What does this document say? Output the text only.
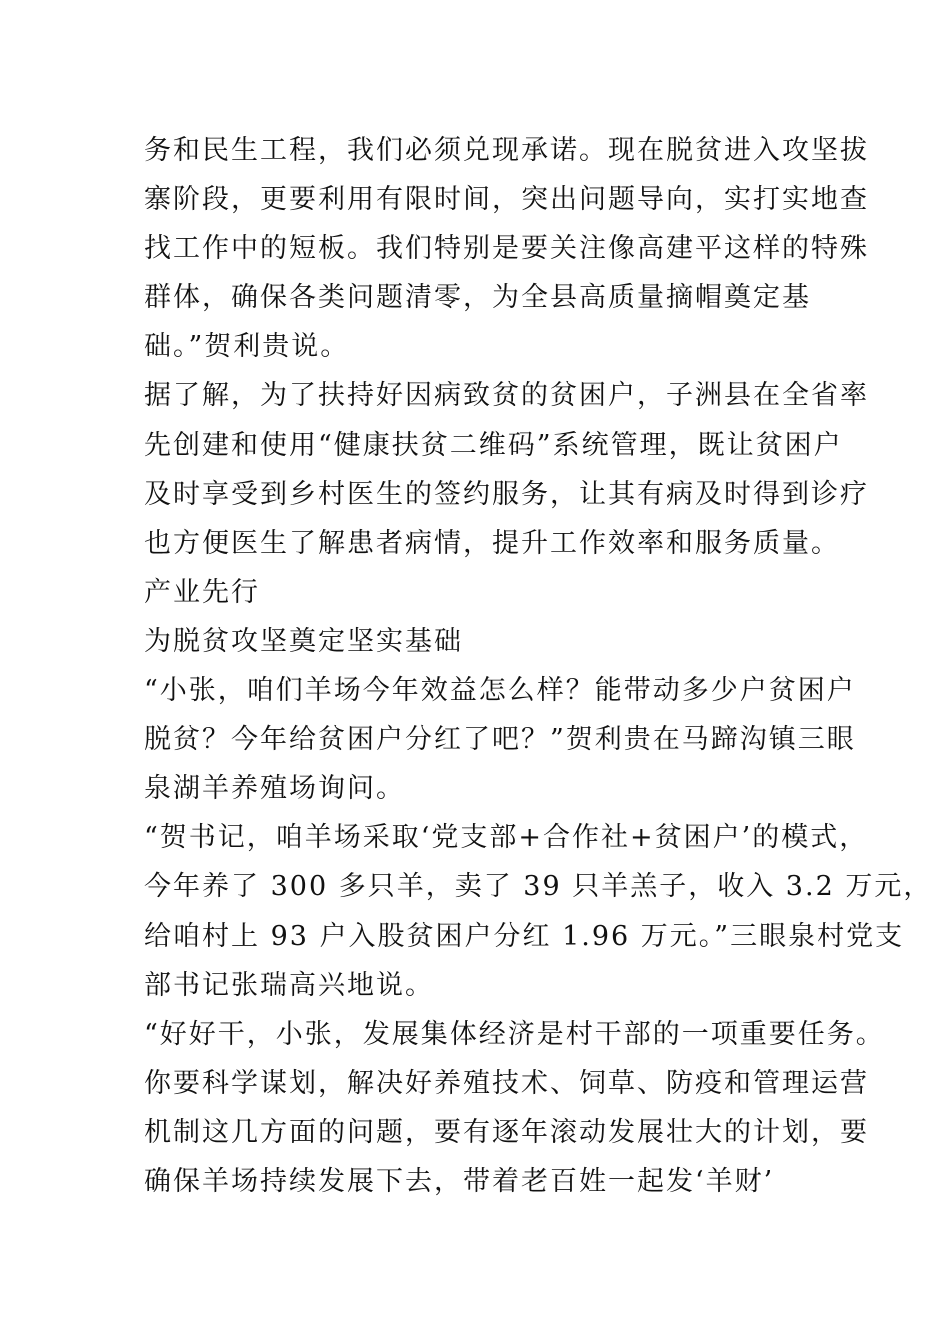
务和民生工程，我们必须兑现承诺。现在脱贫进入攻坚拔
寨阶段，更要利用有限时间，突出问题导向，实打实地查
找工作中的短板。我们特别是要关注像高建平这样的特殊
群体，确保各类问题清零，为全县高质量摘帽奠定基
础。”贺利贵说。
据了解，为了扶持好因病致贫的贫困户，子洲县在全省率
先创建和使用“健康扶贫二维码”系统管理，既让贫困户
及时享受到乡村医生的签约服务，让其有病及时得到诊疗
也方便医生了解患者病情，提升工作效率和服务质量。
产业先行
为脱贫攻坚奠定坚实基础
“小张，咱们羊场今年效益怎么样？能带动多少户贫困户
脱贫？今年给贫困户分红了吧？”贺利贵在马蹄沟镇三眼
泉湖羊养殖场询问。
“贺书记，咱羊场采取‘党支部+合作社+贫困户’的模式，
今年养了 300 多只羊，卖了 39 只羊羔子，收入 3.2 万元，
给咱村上 93 户入股贫困户分红 1.96 万元。”三眼泉村党支
部书记张瑞高兴地说。
“好好干，小张，发展集体经济是村干部的一项重要任务。
你要科学谋划，解决好养殖技术、饲草、防疫和管理运营
机制这几方面的问题，要有逐年滚动发展壮大的计划，要
确保羊场持续发展下去，带着老百姓一起发‘羊财’
